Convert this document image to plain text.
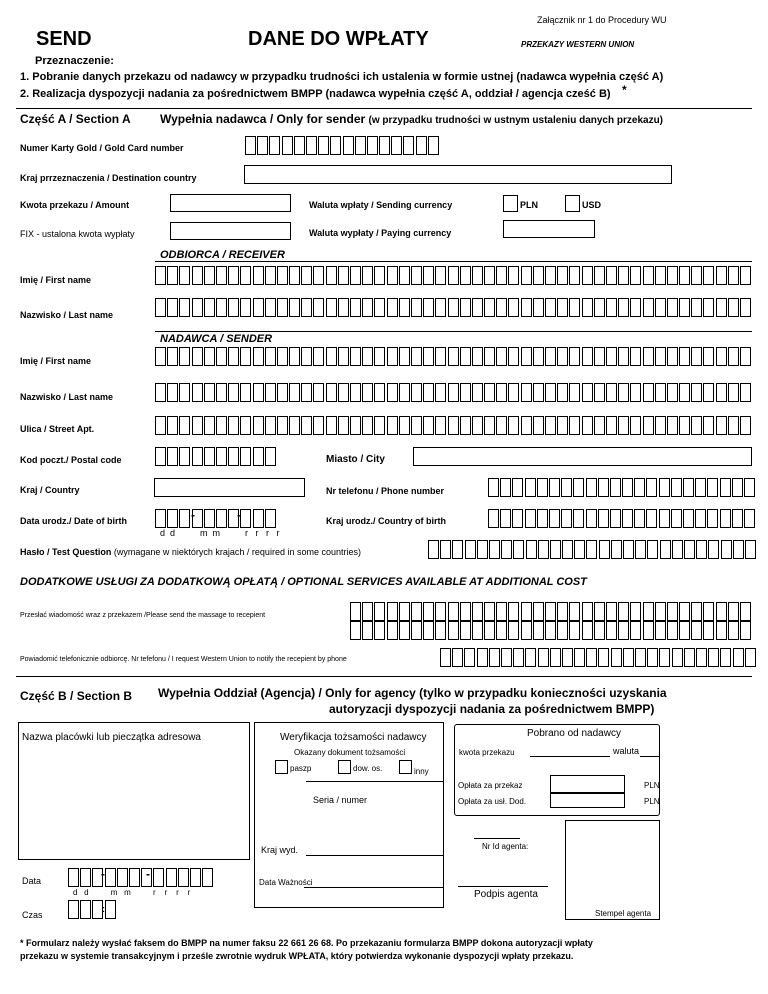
Załącznik nr 1 do Procedury WU
SEND	DANE DO WPŁATY	PRZEKAZY WESTERN UNION
Przeznaczenie:
1. Pobranie danych przekazu od nadawcy w przypadku trudności ich ustalenia w formie ustnej (nadawca wypełnia część A)
2. Realizacja dyspozycji nadania za pośrednictwem BMPP (nadawca wypełnia część A, oddział / agencja cześć B) *
Część A / Section A Wypełnia nadawca / Only for sender (w przypadku trudności w ustnym ustaleniu danych przekazu)
Numer Karty Gold / Gold Card number
Kraj prrzeznaczenia / Destination country
Kwota przekazu / Amount	Waluta wpłaty / Sending currency	PLN	USD
FIX - ustalona kwota wypłaty	Waluta wypłaty / Paying currency
ODBIORCA / RECEIVER
Imię / First name
Nazwisko / Last name
NADAWCA / SENDER
Imię / First name
Nazwisko / Last name
Ulica / Street Apt.
Kod poczt./ Postal code	Miasto / City
Kraj / Country	Nr telefonu / Phone number
Data urodz./ Date of birth	-	-
d  d          m  m          r   r   r   r
Kraj urodz./ Country of birth
Hasło / Test Question (wymagane w niektórych krajach / required in some countries)
DODATKOWE USŁUGI ZA DODATKOWĄ OPŁATĄ / OPTIONAL SERVICES AVAILABLE AT ADDITIONAL COST
Przesłać wiadomość wraz z przekazem /Please send the massage to recepient
Powiadomić telefonicznie odbiorcę. Nr tefefonu / I request Western Union to notify the recepient by phone
Część B / Section B Wypełnia Oddział (Agencja) / Only for agency (tylko w przypadku konieczności uzyskania
autoryzacji dyspozycji nadania za pośrednictwem BMPP)
Nazwa placówki lub pieczątka adresowa	Weryfikacja tożsamości nadawcy
Okazany dokument tożsamości
paszp	dow. os.	inny
Seria / numer
Kraj wyd.
Data Ważności
Pobrano od nadawcy
kwota przekazu	waluta
Opłata za przekaz	PLN
Opłata za usł. Dod.	PLN
Nr Id agenta:
Podpis agenta
Stempel agenta
Data	-	-
d   d          m   m          r    r    r    r
Czas
:
* Formularz należy wysłać faksem do BMPP na numer faksu 22 661 26 68. Po przekazaniu formularza BMPP dokona autoryzacji wpłaty
przekazu w systemie transakcyjnym i prześle zwrotnie wydruk WPŁATA, który potwierdza wykonanie dyspozycji wpłaty przekazu.
